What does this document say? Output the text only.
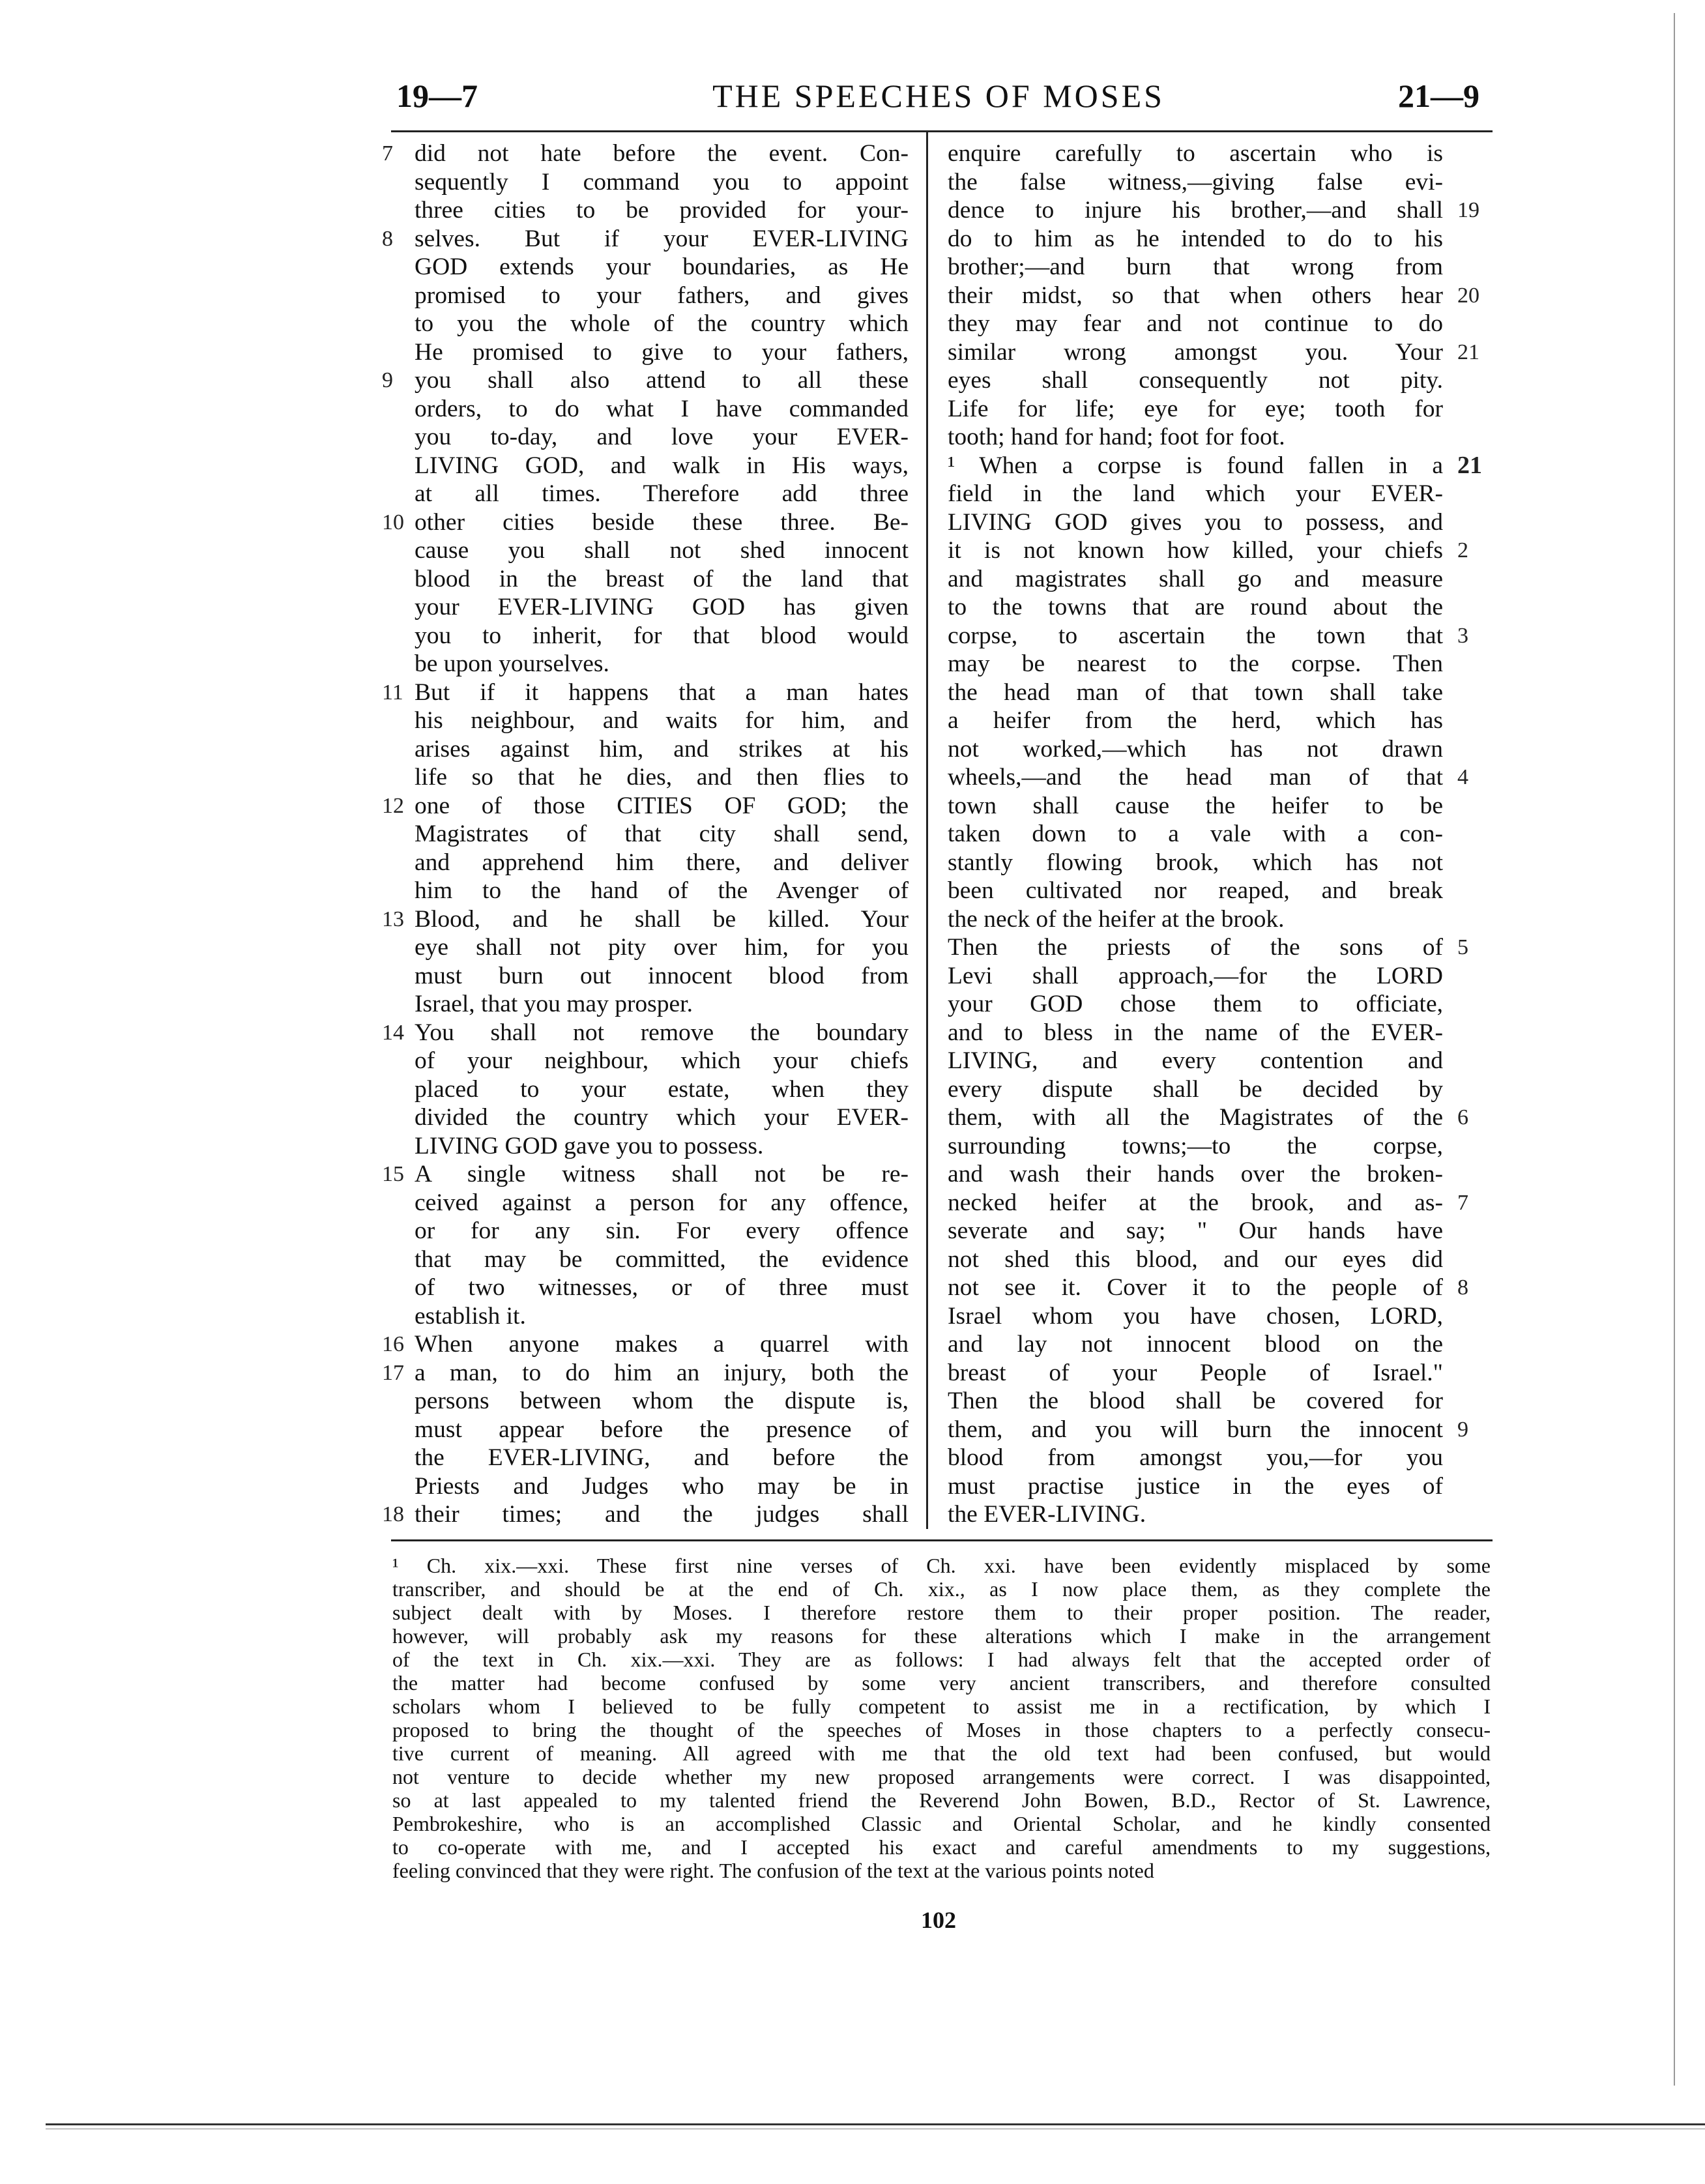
19—7	THE SPEECHES OF MOSES	21—9
7 did not hate before the event. Con-
sequently I command you to appoint
three cities to be provided for your-
8 selves. But if your EVER-LIVING
GOD extends your boundaries, as He
promised to your fathers, and gives
to you the whole of the country which
He promised to give to your fathers,
9 you shall also attend to all these
orders, to do what I have commanded
you to-day, and love your EVER-
LIVING GOD, and walk in His ways,
at all times. Therefore add three
10 other cities beside these three. Be-
cause you shall not shed innocent
blood in the breast of the land that
your EVER-LIVING GOD has given
you to inherit, for that blood would
be upon yourselves.
11 But if it happens that a man hates
his neighbour, and waits for him, and
arises against him, and strikes at his
life so that he dies, and then flies to
12 one of those CITIES OF GOD; the
Magistrates of that city shall send,
and apprehend him there, and deliver
him to the hand of the Avenger of
13 Blood, and he shall be killed. Your
eye shall not pity over him, for you
must burn out innocent blood from
Israel, that you may prosper.
14 You shall not remove the boundary
of your neighbour, which your chiefs
placed to your estate, when they
divided the country which your EVER-
LIVING GOD gave you to possess.
15 A single witness shall not be re-
ceived against a person for any offence,
or for any sin. For every offence
that may be committed, the evidence
of two witnesses, or of three must
establish it.
16 When anyone makes a quarrel with
17 a man, to do him an injury, both the
persons between whom the dispute is,
must appear before the presence of
the EVER-LIVING, and before the
Priests and Judges who may be in
18 their times; and the judges shall
enquire carefully to ascertain who is
the false witness,—giving false evi-
19
dence to injure his brother,—and shall
do to him as he intended to do to his
brother;—and burn that wrong from
20
their midst, so that when others hear
they may fear and not continue to do
21
similar wrong amongst you. Your
eyes shall consequently not pity.
Life for life; eye for eye; tooth for
tooth; hand for hand; foot for foot.
21
¹ When a corpse is found fallen in a
field in the land which your EVER-
LIVING GOD gives you to possess, and
2
it is not known how killed, your chiefs
and magistrates shall go and measure
to the towns that are round about the
3
corpse, to ascertain the town that
may be nearest to the corpse. Then
the head man of that town shall take
a heifer from the herd, which has
not worked,—which has not drawn
4
wheels,—and the head man of that
town shall cause the heifer to be
taken down to a vale with a con-
stantly flowing brook, which has not
been cultivated nor reaped, and break
the neck of the heifer at the brook.
5
Then the priests of the sons of
Levi shall approach,—for the LORD
your GOD chose them to officiate,
and to bless in the name of the EVER-
LIVING, and every contention and
every dispute shall be decided by
6
them, with all the Magistrates of the
surrounding towns;—to the corpse,
and wash their hands over the broken-
7
necked heifer at the brook, and as-
severate and say; " Our hands have
not shed this blood, and our eyes did
8
not see it. Cover it to the people of
Israel whom you have chosen, LORD,
and lay not innocent blood on the
breast of your People of Israel."
Then the blood shall be covered for
9
them, and you will burn the innocent
blood from amongst you,—for you
must practise justice in the eyes of
the EVER-LIVING.
¹ Ch. xix.—xxi. These first nine verses of Ch. xxi. have been evidently misplaced by some
transcriber, and should be at the end of Ch. xix., as I now place them, as they complete the
subject dealt with by Moses. I therefore restore them to their proper position. The reader,
however, will probably ask my reasons for these alterations which I make in the arrangement
of the text in Ch. xix.—xxi. They are as follows: I had always felt that the accepted order of
the matter had become confused by some very ancient transcribers, and therefore consulted
scholars whom I believed to be fully competent to assist me in a rectification, by which I
proposed to bring the thought of the speeches of Moses in those chapters to a perfectly consecu-
tive current of meaning. All agreed with me that the old text had been confused, but would
not venture to decide whether my new proposed arrangements were correct. I was disappointed,
so at last appealed to my talented friend the Reverend John Bowen, B.D., Rector of St. Lawrence,
Pembrokeshire, who is an accomplished Classic and Oriental Scholar, and he kindly consented
to co-operate with me, and I accepted his exact and careful amendments to my suggestions,
feeling convinced that they were right. The confusion of the text at the various points noted
102
